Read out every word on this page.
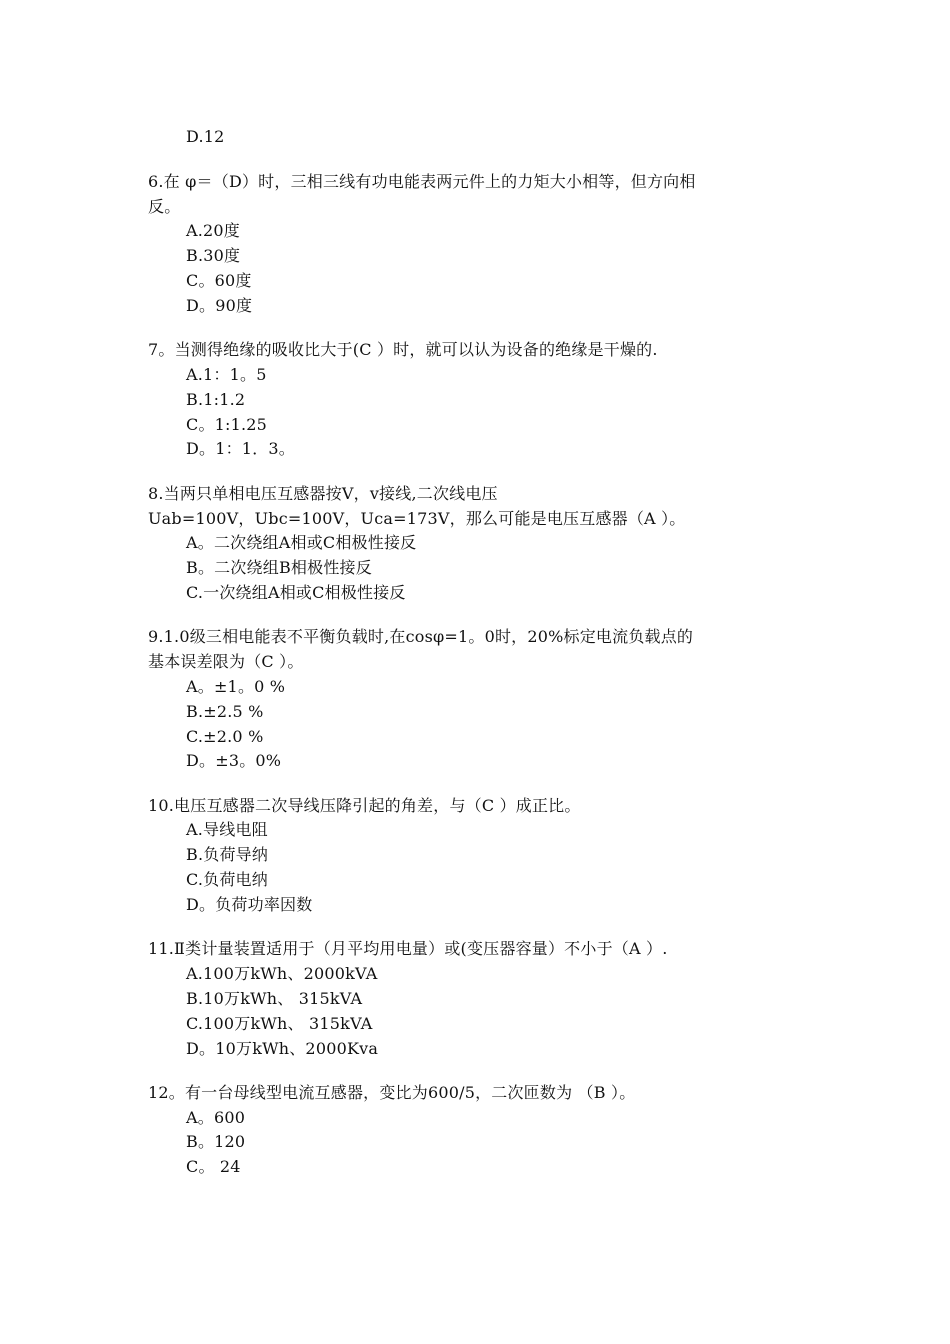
D.12
6.在 φ＝（D）时，三相三线有功电能表两元件上的力矩大小相等，但方向相
反。
A.20度
B.30度
C。60度
D。90度
7。当测得绝缘的吸收比大于(C ）时，就可以认为设备的绝缘是干燥的.
A.1：1。5
B.1:1.2
C。1:1.25
D。1：1．3。
8.当两只单相电压互感器按V，v接线,二次线电压
Uab=100V，Ubc=100V，Uca=173V，那么可能是电压互感器（A ）。
A。二次绕组A相或C相极性接反
B。二次绕组B相极性接反
C.一次绕组A相或C相极性接反
9.1.0级三相电能表不平衡负载时,在cosφ=1。0时，20%标定电流负载点的
基本误差限为（C ）。
A。±1。0 %
B.±2.5 %
C.±2.0 %
D。±3。0%
10.电压互感器二次导线压降引起的角差，与（C ）成正比。
A.导线电阻
B.负荷导纳
C.负荷电纳
D。负荷功率因数
11.Ⅱ类计量装置适用于（月平均用电量）或(变压器容量）不小于（A ）.
A.100万kWh、2000kVA
B.10万kWh、 315kVA
C.100万kWh、 315kVA
D。10万kWh、2000Kva
12。有一台母线型电流互感器，变比为600/5，二次匝数为 （B ）。
A。600
B。120
C。 24
